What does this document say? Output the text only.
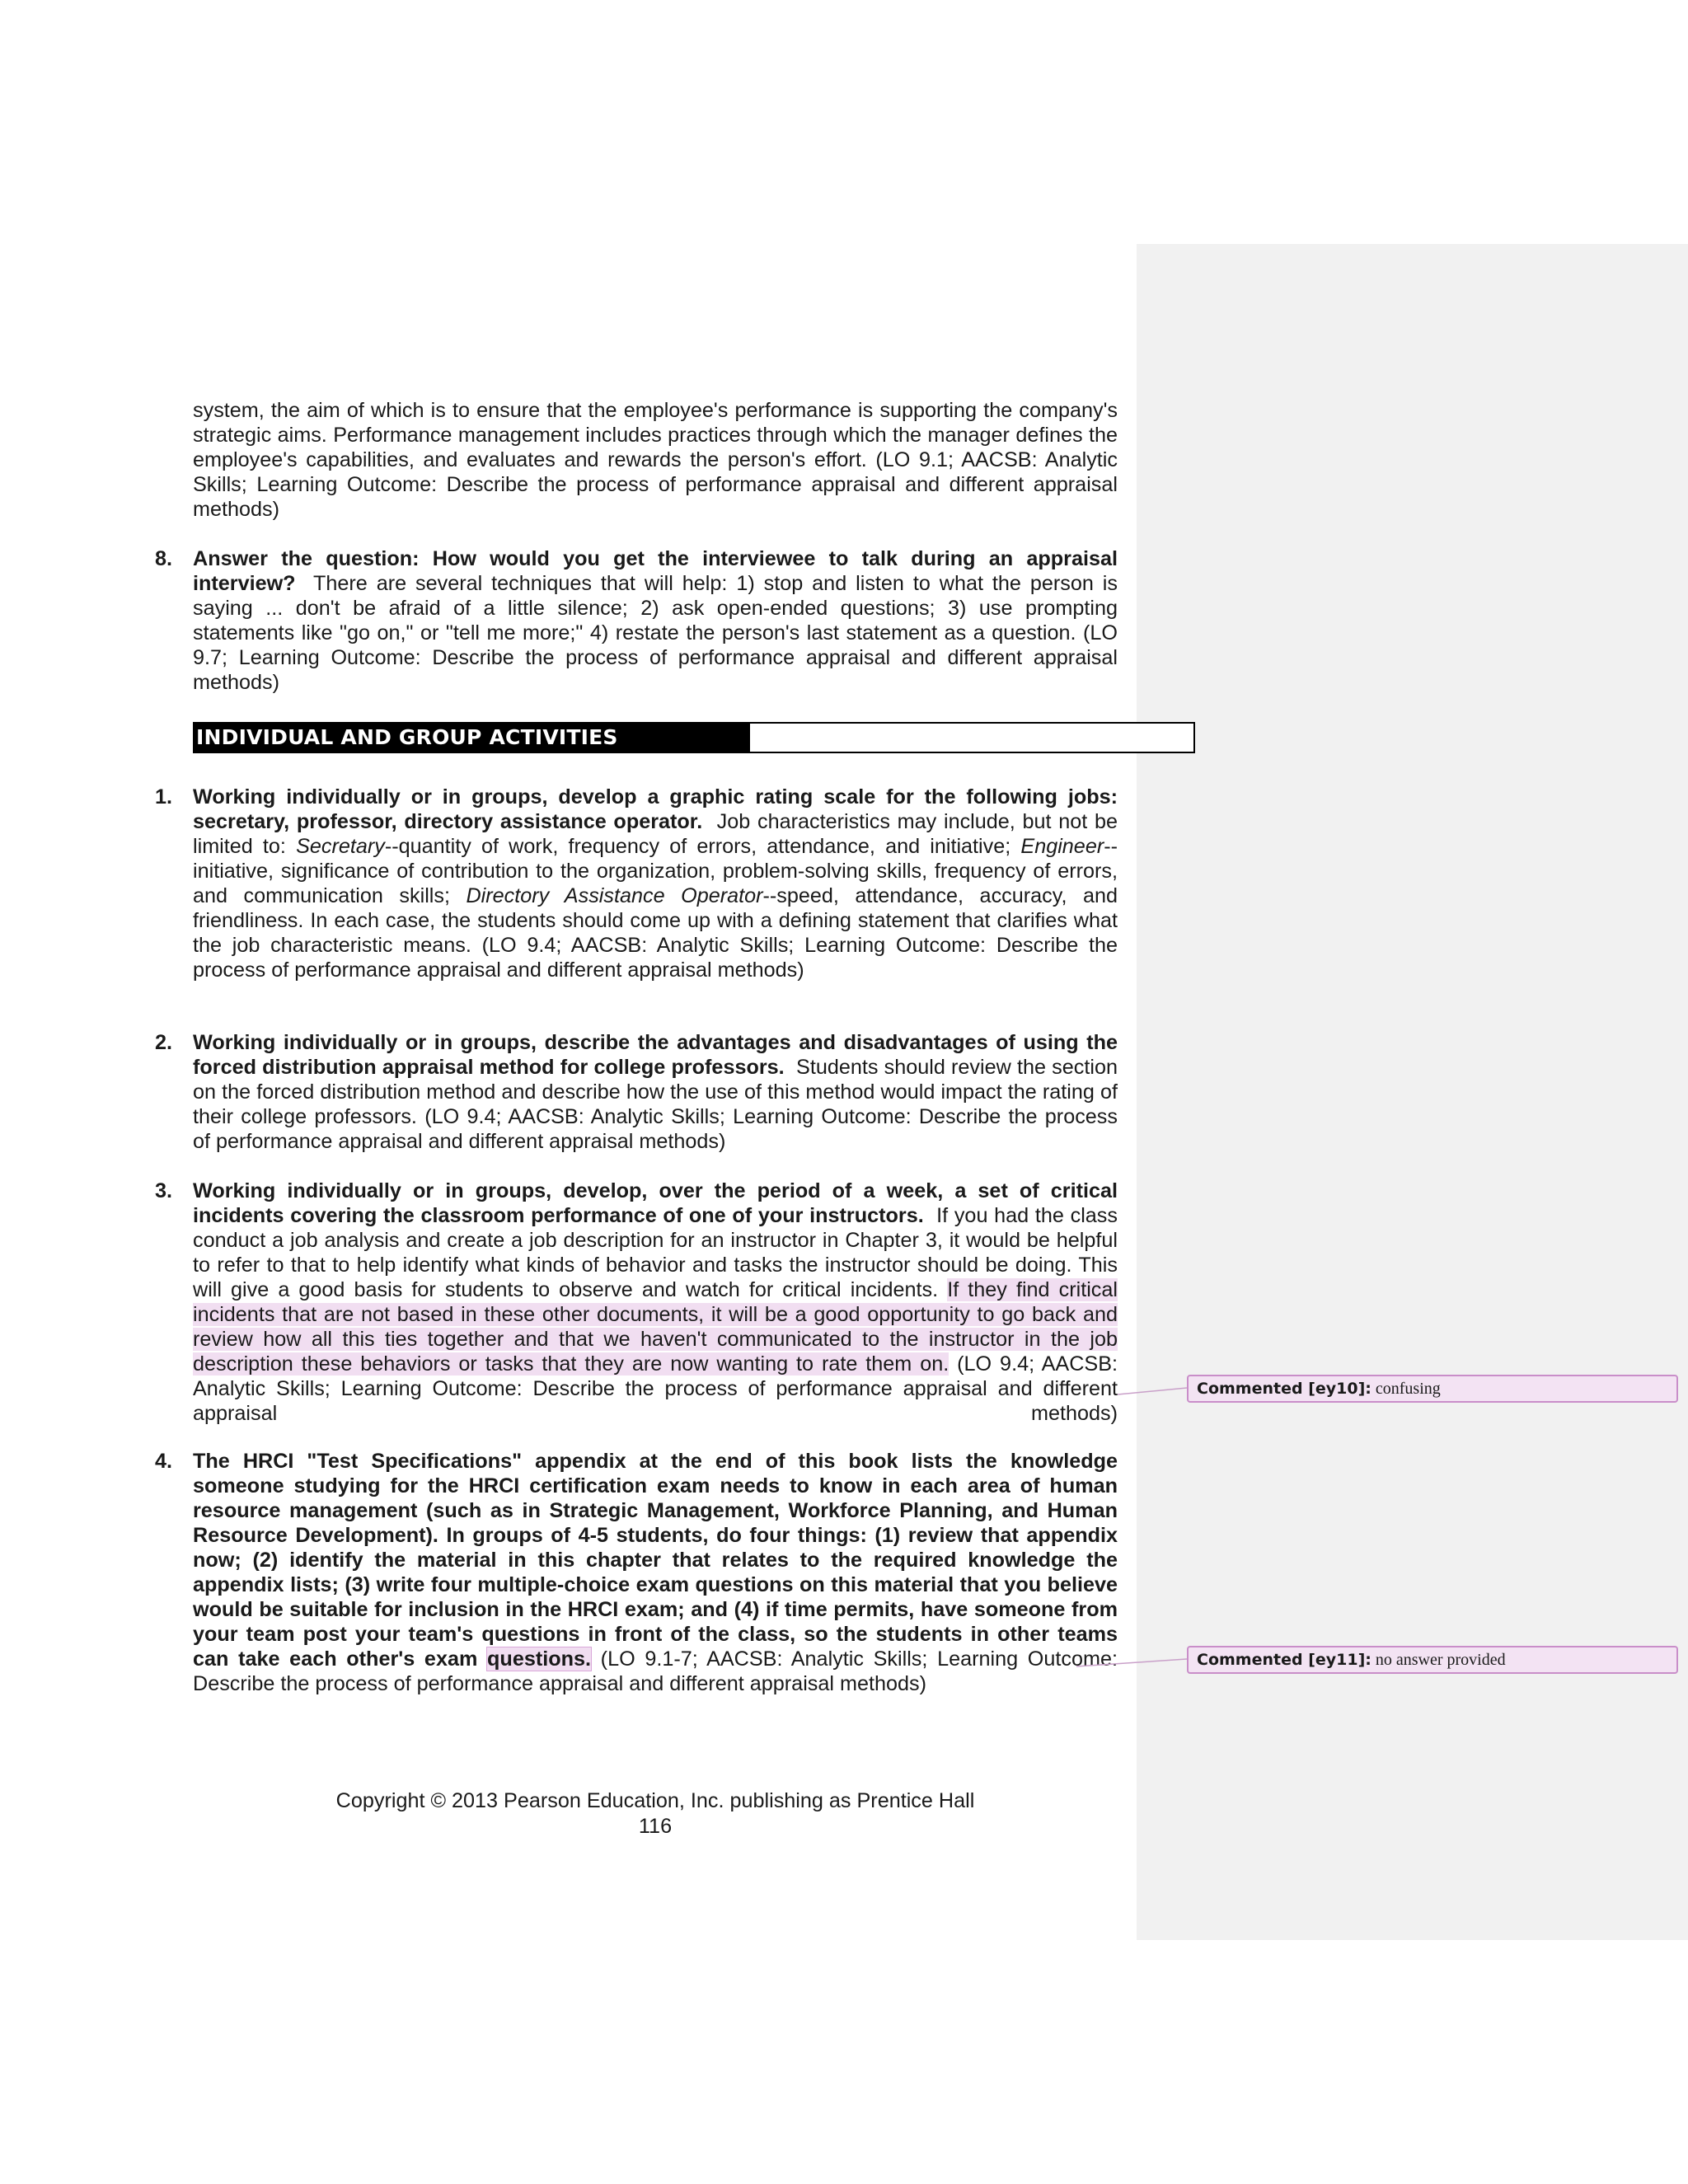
system, the aim of which is to ensure that the employee's performance is supporting the company's strategic aims. Performance management includes practices through which the manager defines the employee's capabilities, and evaluates and rewards the person's effort. (LO 9.1; AACSB: Analytic Skills; Learning Outcome: Describe the process of performance appraisal and different appraisal methods)

8. Answer the question: How would you get the interviewee to talk during an appraisal interview? There are several techniques that will help: 1) stop and listen to what the person is saying ... don't be afraid of a little silence; 2) ask open-ended questions; 3) use prompting statements like "go on," or "tell me more;" 4) restate the person's last statement as a question. (LO 9.7; Learning Outcome: Describe the process of performance appraisal and different appraisal methods)

INDIVIDUAL AND GROUP ACTIVITIES
1. Working individually or in groups, develop a graphic rating scale for the following jobs: secretary, professor, directory assistance operator. Job characteristics may include, but not be limited to: Secretary--quantity of work, frequency of errors, attendance, and initiative; Engineer--initiative, significance of contribution to the organization, problem-solving skills, frequency of errors, and communication skills; Directory Assistance Operator--speed, attendance, accuracy, and friendliness. In each case, the students should come up with a defining statement that clarifies what the job characteristic means. (LO 9.4; AACSB: Analytic Skills; Learning Outcome: Describe the process of performance appraisal and different appraisal methods)

2. Working individually or in groups, describe the advantages and disadvantages of using the forced distribution appraisal method for college professors. Students should review the section on the forced distribution method and describe how the use of this method would impact the rating of their college professors. (LO 9.4; AACSB: Analytic Skills; Learning Outcome: Describe the process of performance appraisal and different appraisal methods)

3. Working individually or in groups, develop, over the period of a week, a set of critical incidents covering the classroom performance of one of your instructors. If you had the class conduct a job analysis and create a job description for an instructor in Chapter 3, it would be helpful to refer to that to help identify what kinds of behavior and tasks the instructor should be doing. This will give a good basis for students to observe and watch for critical incidents. If they find critical incidents that are not based in these other documents, it will be a good opportunity to go back and review how all this ties together and that we haven't communicated to the instructor in the job description these behaviors or tasks that they are now wanting to rate them on. (LO 9.4; AACSB: Analytic Skills; Learning Outcome: Describe the process of performance appraisal and different appraisal methods)

4. The HRCI "Test Specifications" appendix at the end of this book lists the knowledge someone studying for the HRCI certification exam needs to know in each area of human resource management (such as in Strategic Management, Workforce Planning, and Human Resource Development). In groups of 4-5 students, do four things: (1) review that appendix now; (2) identify the material in this chapter that relates to the required knowledge the appendix lists; (3) write four multiple-choice exam questions on this material that you believe would be suitable for inclusion in the HRCI exam; and (4) if time permits, have someone from your team post your team's questions in front of the class, so the students in other teams can take each other's exam questions. (LO 9.1-7; AACSB: Analytic Skills; Learning Outcome: Describe the process of performance appraisal and different appraisal methods)

Commented [ey10]: confusing
Commented [ey11]: no answer provided
Copyright © 2013 Pearson Education, Inc. publishing as Prentice Hall
116
